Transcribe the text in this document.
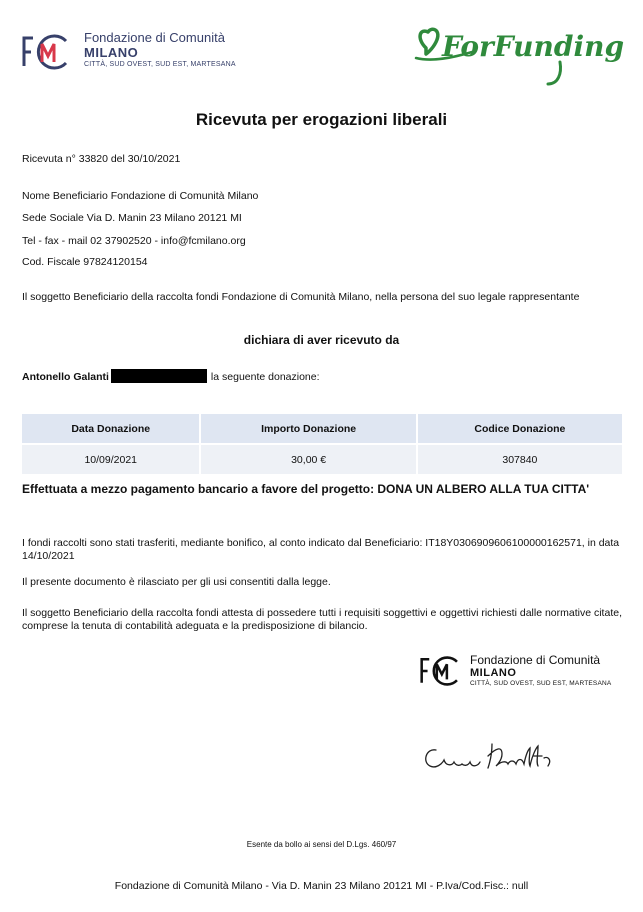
Fondazione di Comunità
MILANO
CITTÀ, SUD OVEST, SUD EST, MARTESANA
ForFunding
Ricevuta per erogazioni liberali
Ricevuta n° 33820 del 30/10/2021
Nome Beneficiario Fondazione di Comunità Milano
Sede Sociale Via D. Manin 23 Milano 20121 MI
Tel - fax - mail 02 37902520 - info@fcmilano.org
Cod. Fiscale 97824120154
Il soggetto Beneficiario della raccolta fondi Fondazione di Comunità Milano, nella persona del suo legale rappresentante
dichiara di aver ricevuto da
Antonello Galanti	la seguente donazione:
Data Donazione	Importo Donazione	Codice Donazione
10/09/2021	30,00 €	307840
Effettuata a mezzo pagamento bancario a favore del progetto: DONA UN ALBERO ALLA TUA CITTA'
I fondi raccolti sono stati trasferiti, mediante bonifico, al conto indicato dal Beneficiario: IT18Y0306909606100000162571, in data 14/10/2021
Il presente documento è rilasciato per gli usi consentiti dalla legge.
Il soggetto Beneficiario della raccolta fondi attesta di possedere tutti i requisiti soggettivi e oggettivi richiesti dalle normative citate, comprese la tenuta di contabilità adeguata e la predisposizione di bilancio.
Fondazione di Comunità
MILANO
CITTÀ, SUD OVEST, SUD EST, MARTESANA
Esente da bollo ai sensi del D.Lgs. 460/97
Fondazione di Comunità Milano - Via D. Manin 23 Milano 20121 MI - P.Iva/Cod.Fisc.: null
